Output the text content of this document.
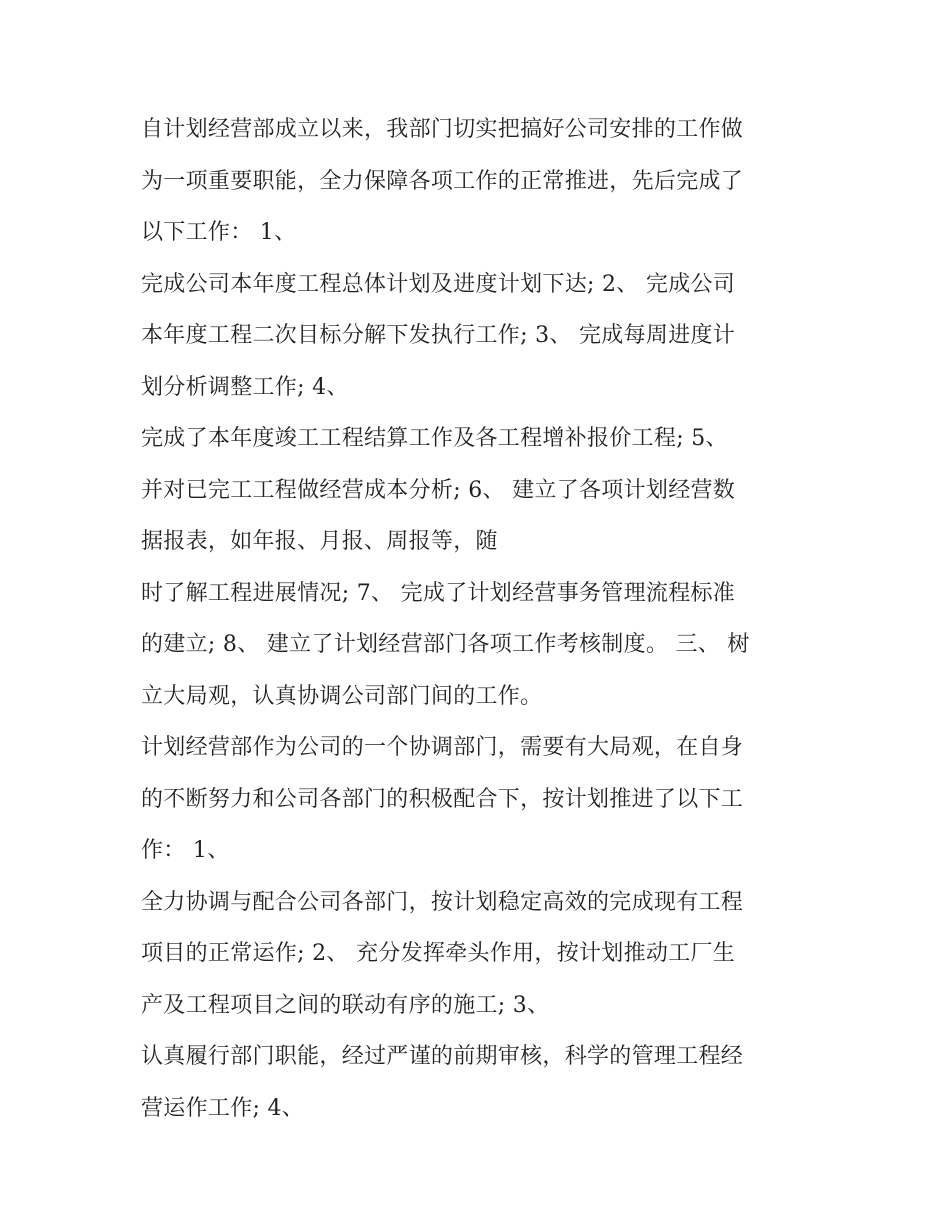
自计划经营部成立以来，我部门切实把搞好公司安排的工作做
为一项重要职能，全力保障各项工作的正常推进，先后完成了
以下工作： 1、

完成公司本年度工程总体计划及进度计划下达; 2、 完成公司
本年度工程二次目标分解下发执行工作; 3、 完成每周进度计
划分析调整工作; 4、

完成了本年度竣工工程结算工作及各工程增补报价工程; 5、
并对已完工工程做经营成本分析; 6、 建立了各项计划经营数
据报表，如年报、月报、周报等，随

时了解工程进展情况; 7、 完成了计划经营事务管理流程标准
的建立; 8、 建立了计划经营部门各项工作考核制度。 三、 树
立大局观，认真协调公司部门间的工作。

计划经营部作为公司的一个协调部门，需要有大局观，在自身
的不断努力和公司各部门的积极配合下，按计划推进了以下工
作： 1、

全力协调与配合公司各部门，按计划稳定高效的完成现有工程
项目的正常运作; 2、 充分发挥牵头作用，按计划推动工厂生
产及工程项目之间的联动有序的施工; 3、

认真履行部门职能，经过严谨的前期审核，科学的管理工程经
营运作工作; 4、
